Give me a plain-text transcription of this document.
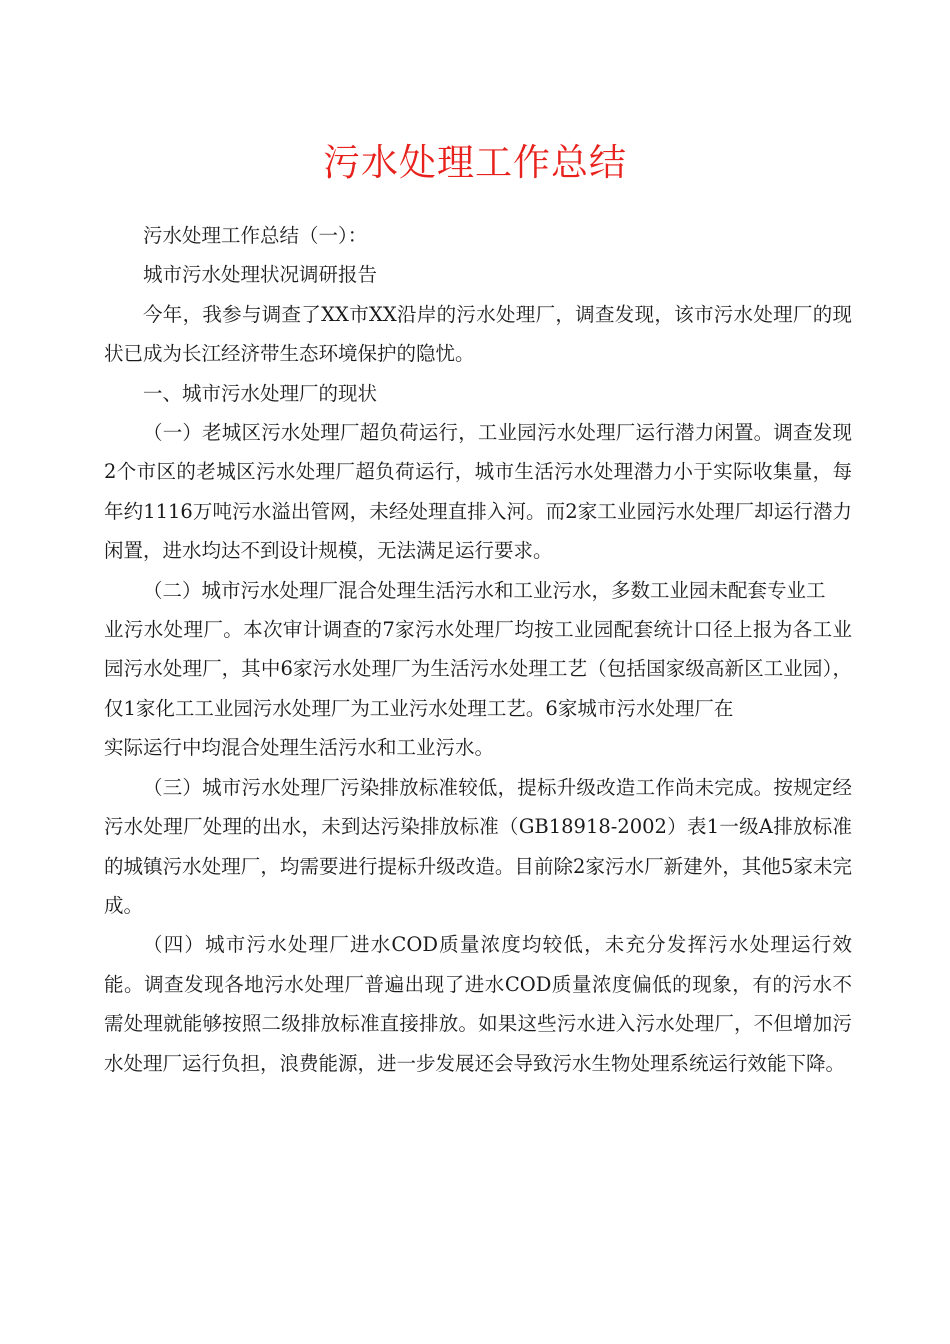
污水处理工作总结

污水处理工作总结（一）：

城市污水处理状况调研报告

今年，我参与调查了XX市XX沿岸的污水处理厂，调查发现，该市污水处理厂的现状已成为长江经济带生态环境保护的隐忧。

一、城市污水处理厂的现状

（一）老城区污水处理厂超负荷运行，工业园污水处理厂运行潜力闲置。调查发现2个市区的老城区污水处理厂超负荷运行，城市生活污水处理潜力小于实际收集量，每年约1116万吨污水溢出管网，未经处理直排入河。而2家工业园污水处理厂却运行潜力闲置，进水均达不到设计规模，无法满足运行要求。

（二）城市污水处理厂混合处理生活污水和工业污水，多数工业园未配套专业工

业污水处理厂。本次审计调查的7家污水处理厂均按工业园配套统计口径上报为各工业园污水处理厂，其中6家污水处理厂为生活污水处理工艺（包括国家级高新区工业园），仅1家化工工业园污水处理厂为工业污水处理工艺。6家城市污水处理厂在

实际运行中均混合处理生活污水和工业污水。

（三）城市污水处理厂污染排放标准较低，提标升级改造工作尚未完成。按规定经污水处理厂处理的出水，未到达污染排放标准（GB18918-2002）表1一级A排放标准的城镇污水处理厂，均需要进行提标升级改造。目前除2家污水厂新建外，其他5家未完成。

（四）城市污水处理厂进水COD质量浓度均较低，未充分发挥污水处理运行效能。调查发现各地污水处理厂普遍出现了进水COD质量浓度偏低的现象，有的污水不需处理就能够按照二级排放标准直接排放。如果这些污水进入污水处理厂，不但增加污水处理厂运行负担，浪费能源，进一步发展还会导致污水生物处理系统运行效能下降。
